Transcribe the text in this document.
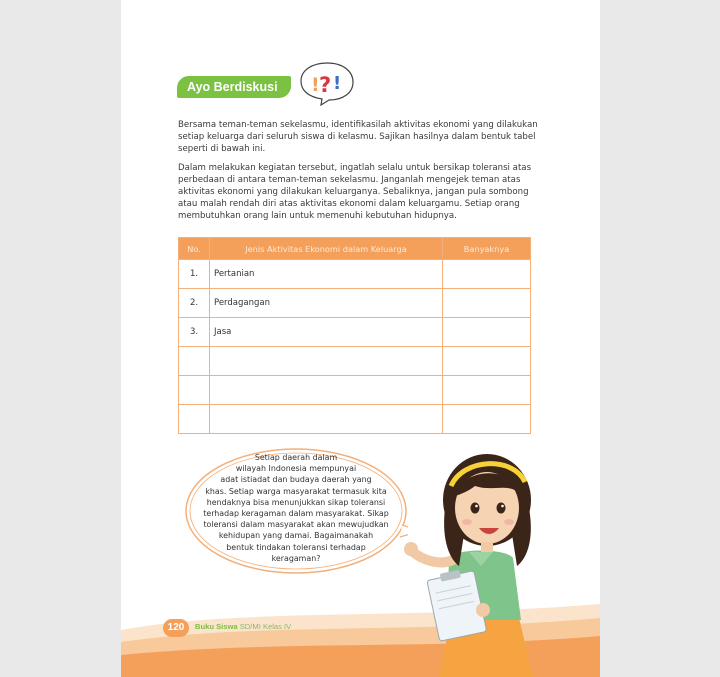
Ayo Berdiskusi	! ? !

Bersama teman-teman sekelasmu, identifikasilah aktivitas ekonomi yang dilakukan setiap keluarga dari seluruh siswa di kelasmu. Sajikan hasilnya dalam bentuk tabel seperti di bawah ini.

Dalam melakukan kegiatan tersebut, ingatlah selalu untuk bersikap toleransi atas perbedaan di antara teman-teman sekelasmu. Janganlah mengejek teman atas aktivitas ekonomi yang dilakukan keluarganya. Sebaliknya, jangan pula sombong atau malah rendah diri atas aktivitas ekonomi dalam keluargamu. Setiap orang membutuhkan orang lain untuk memenuhi kebutuhan hidupnya.

No.	Jenis Aktivitas Ekonomi dalam Keluarga	Banyaknya
1.	Pertanian	
2.	Perdagangan	
3.	Jasa	

Setiap daerah dalam
wilayah Indonesia mempunyai
adat istiadat dan budaya daerah yang
khas. Setiap warga masyarakat termasuk kita
hendaknya bisa menunjukkan sikap toleransi
terhadap keragaman dalam masyarakat. Sikap
toleransi dalam masyarakat akan mewujudkan
kehidupan yang damai. Bagaimanakah
bentuk tindakan toleransi terhadap
keragaman?

120	Buku Siswa SD/MI Kelas IV
